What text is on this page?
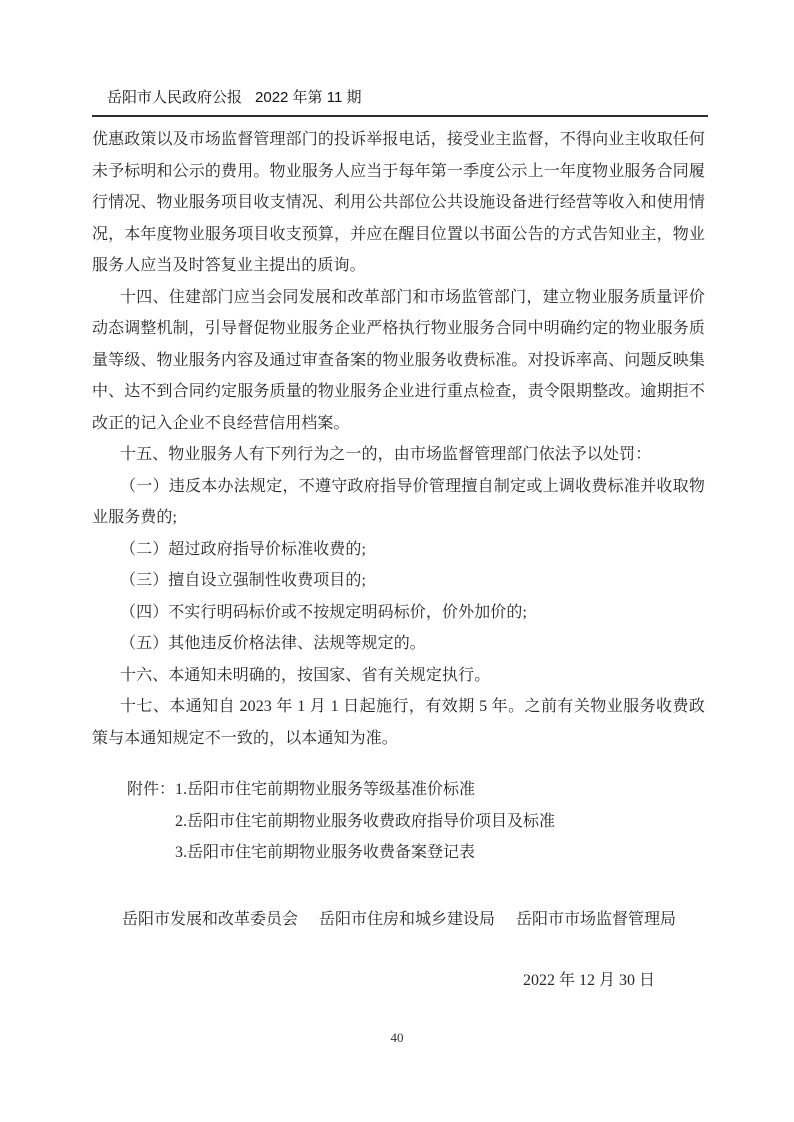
岳阳市人民政府公报 2022 年第 11 期

优惠政策以及市场监督管理部门的投诉举报电话，接受业主监督，不得向业主收取任何未予标明和公示的费用。物业服务人应当于每年第一季度公示上一年度物业服务合同履行情况、物业服务项目收支情况、利用公共部位公共设施设备进行经营等收入和使用情况，本年度物业服务项目收支预算，并应在醒目位置以书面公告的方式告知业主，物业服务人应当及时答复业主提出的质询。

十四、住建部门应当会同发展和改革部门和市场监管部门，建立物业服务质量评价动态调整机制，引导督促物业服务企业严格执行物业服务合同中明确约定的物业服务质量等级、物业服务内容及通过审查备案的物业服务收费标准。对投诉率高、问题反映集中、达不到合同约定服务质量的物业服务企业进行重点检查，责令限期整改。逾期拒不改正的记入企业不良经营信用档案。

十五、物业服务人有下列行为之一的，由市场监督管理部门依法予以处罚：

（一）违反本办法规定，不遵守政府指导价管理擅自制定或上调收费标准并收取物业服务费的;

（二）超过政府指导价标准收费的;

（三）擅自设立强制性收费项目的;

（四）不实行明码标价或不按规定明码标价，价外加价的;

（五）其他违反价格法律、法规等规定的。

十六、本通知未明确的，按国家、省有关规定执行。

十七、本通知自 2023 年 1 月 1 日起施行，有效期 5 年。之前有关物业服务收费政策与本通知规定不一致的，以本通知为准。

附件： 1.岳阳市住宅前期物业服务等级基准价标准
2.岳阳市住宅前期物业服务收费政府指导价项目及标准
3.岳阳市住宅前期物业服务收费备案登记表
岳阳市发展和改革委员会 岳阳市住房和城乡建设局 岳阳市市场监督管理局
2022 年 12 月 30 日
40
